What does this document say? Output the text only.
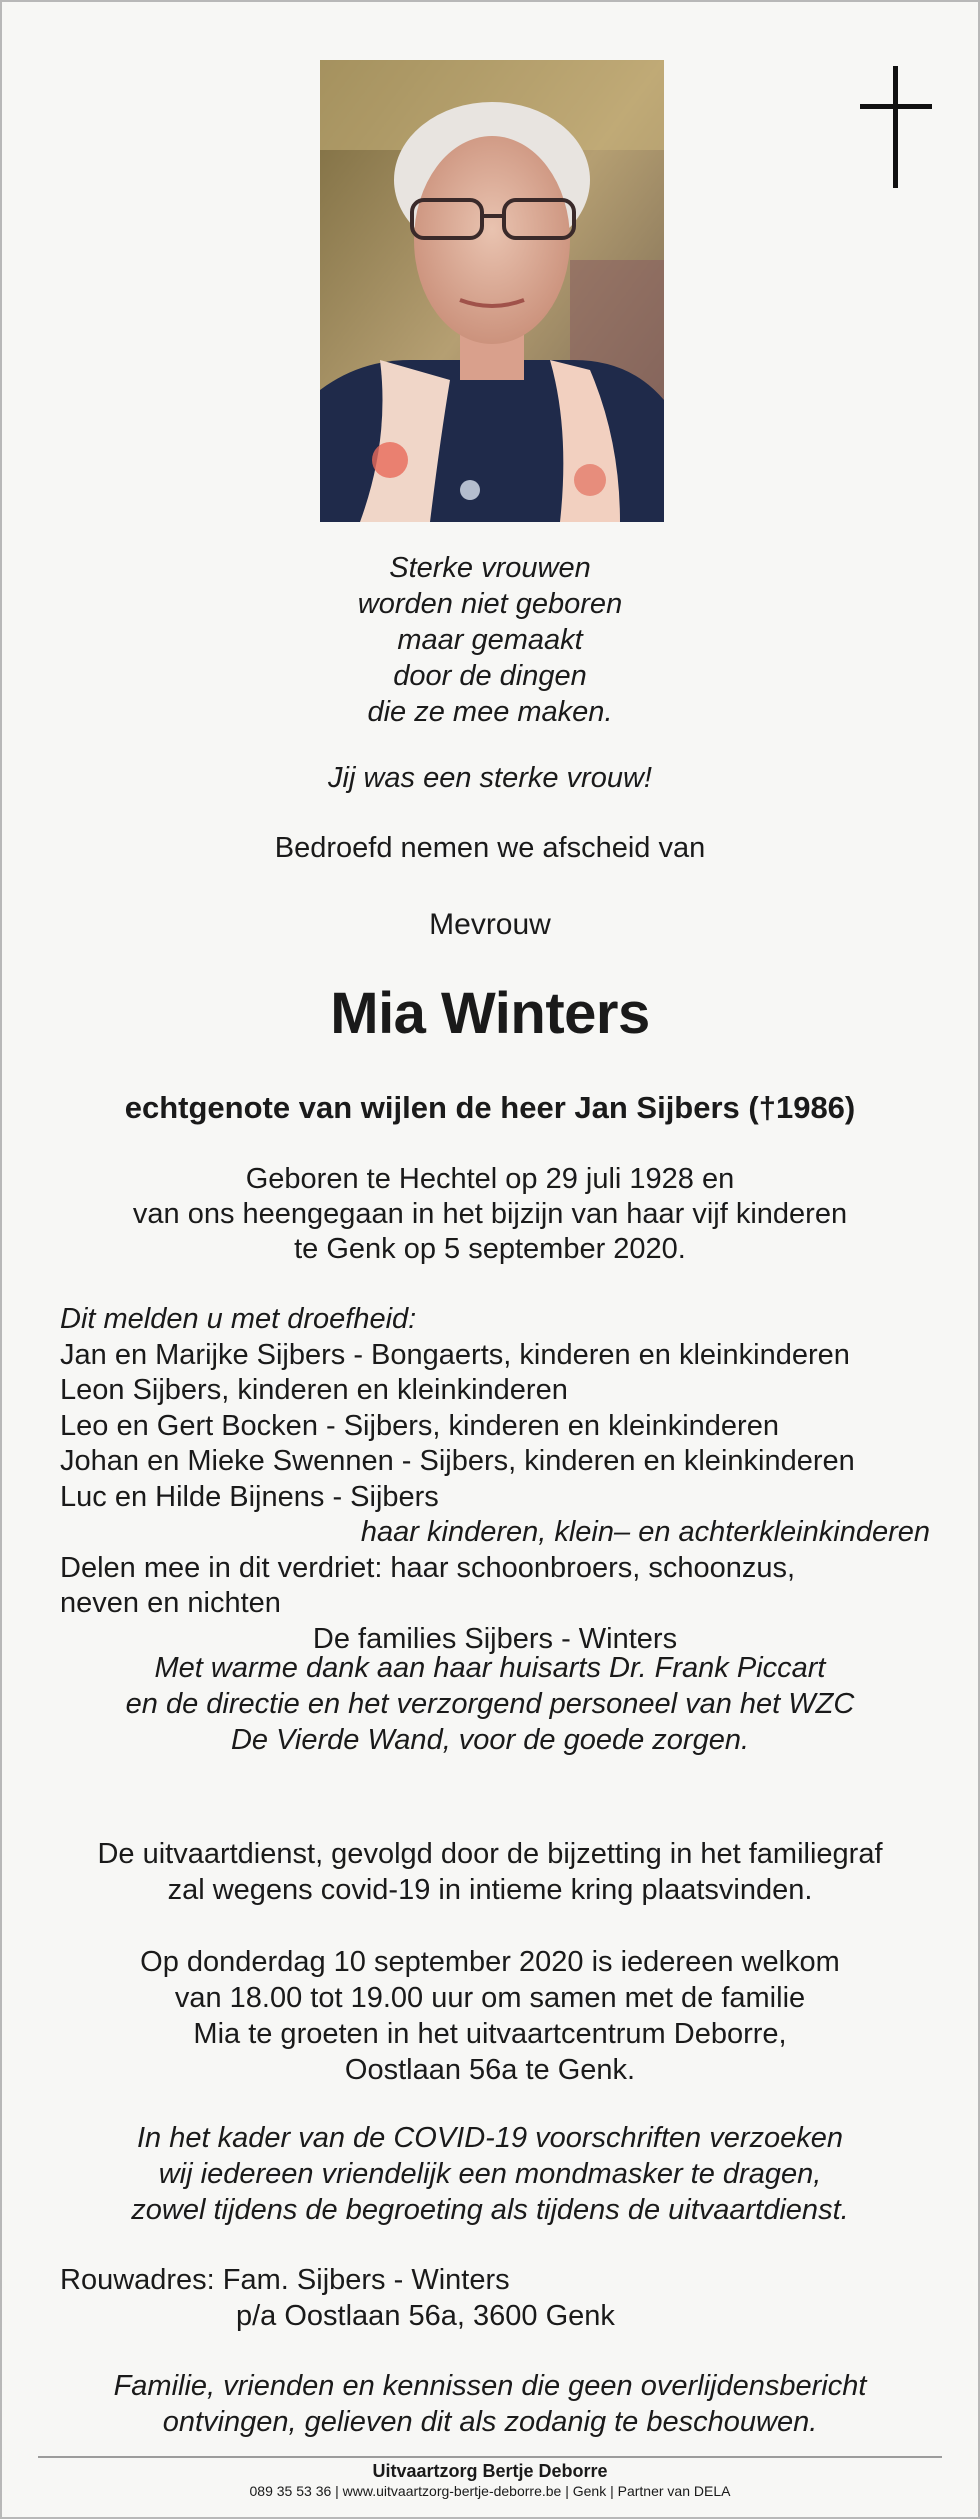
Sterke vrouwen
worden niet geboren
maar gemaakt
door de dingen
die ze mee maken.
Jij was een sterke vrouw!
Bedroefd nemen we afscheid van
Mevrouw
Mia Winters
echtgenote van wijlen de heer Jan Sijbers (†1986)
Geboren te Hechtel op 29 juli 1928 en
van ons heengegaan in het bijzijn van haar vijf kinderen
te Genk op 5 september 2020.
Dit melden u met droefheid:
Jan en Marijke Sijbers - Bongaerts, kinderen en kleinkinderen
Leon Sijbers, kinderen en kleinkinderen
Leo en Gert Bocken - Sijbers, kinderen en kleinkinderen
Johan en Mieke Swennen - Sijbers, kinderen en kleinkinderen
Luc en Hilde Bijnens - Sijbers
haar kinderen, klein– en achterkleinkinderen
Delen mee in dit verdriet: haar schoonbroers, schoonzus,
neven en nichten
De families Sijbers - Winters
Met warme dank aan haar huisarts Dr. Frank Piccart
en de directie en het verzorgend personeel van het WZC
De Vierde Wand, voor de goede zorgen.
De uitvaartdienst, gevolgd door de bijzetting in het familiegraf
zal wegens covid-19 in intieme kring plaatsvinden.
Op donderdag 10 september 2020 is iedereen welkom
van 18.00 tot 19.00 uur om samen met de familie
Mia te groeten in het uitvaartcentrum Deborre,
Oostlaan 56a te Genk.
In het kader van de COVID-19 voorschriften verzoeken
wij iedereen vriendelijk een mondmasker te dragen,
zowel tijdens de begroeting als tijdens de uitvaartdienst.
Rouwadres: Fam. Sijbers - Winters
p/a Oostlaan 56a, 3600 Genk
Familie, vrienden en kennissen die geen overlijdensbericht
ontvingen, gelieven dit als zodanig te beschouwen.
Uitvaartzorg Bertje Deborre
089 35 53 36 | www.uitvaartzorg-bertje-deborre.be | Genk | Partner van DELA
